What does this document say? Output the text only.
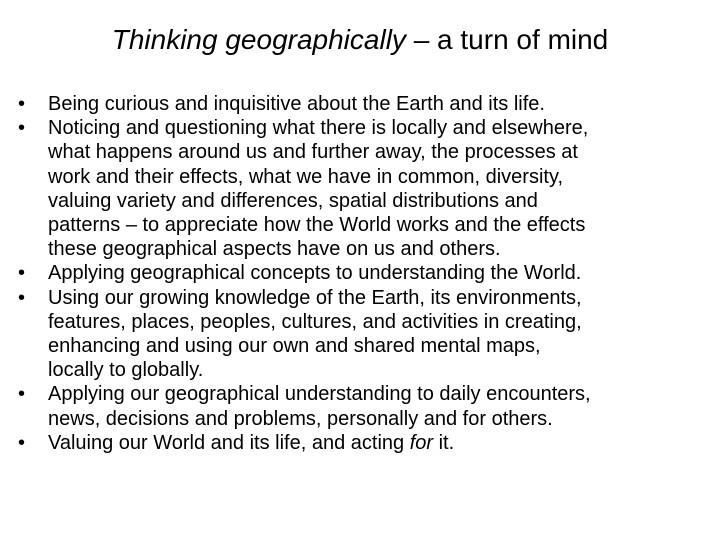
Thinking geographically – a turn of mind
•	Being curious and inquisitive about the Earth and its life.
•	Noticing and questioning what there is locally and elsewhere,
what happens around us and further away, the processes at
work and their effects, what we have in common, diversity,
valuing variety and differences, spatial distributions and
patterns – to appreciate how the World works and the effects
these geographical aspects have on us and others.
•	Applying geographical concepts to understanding the World.
•	Using our growing knowledge of the Earth, its environments,
features, places, peoples, cultures, and activities in creating,
enhancing and using our own and shared mental maps,
locally to globally.
•	Applying our geographical understanding to daily encounters,
news, decisions and problems, personally and for others.
•	Valuing our World and its life, and acting for it.
